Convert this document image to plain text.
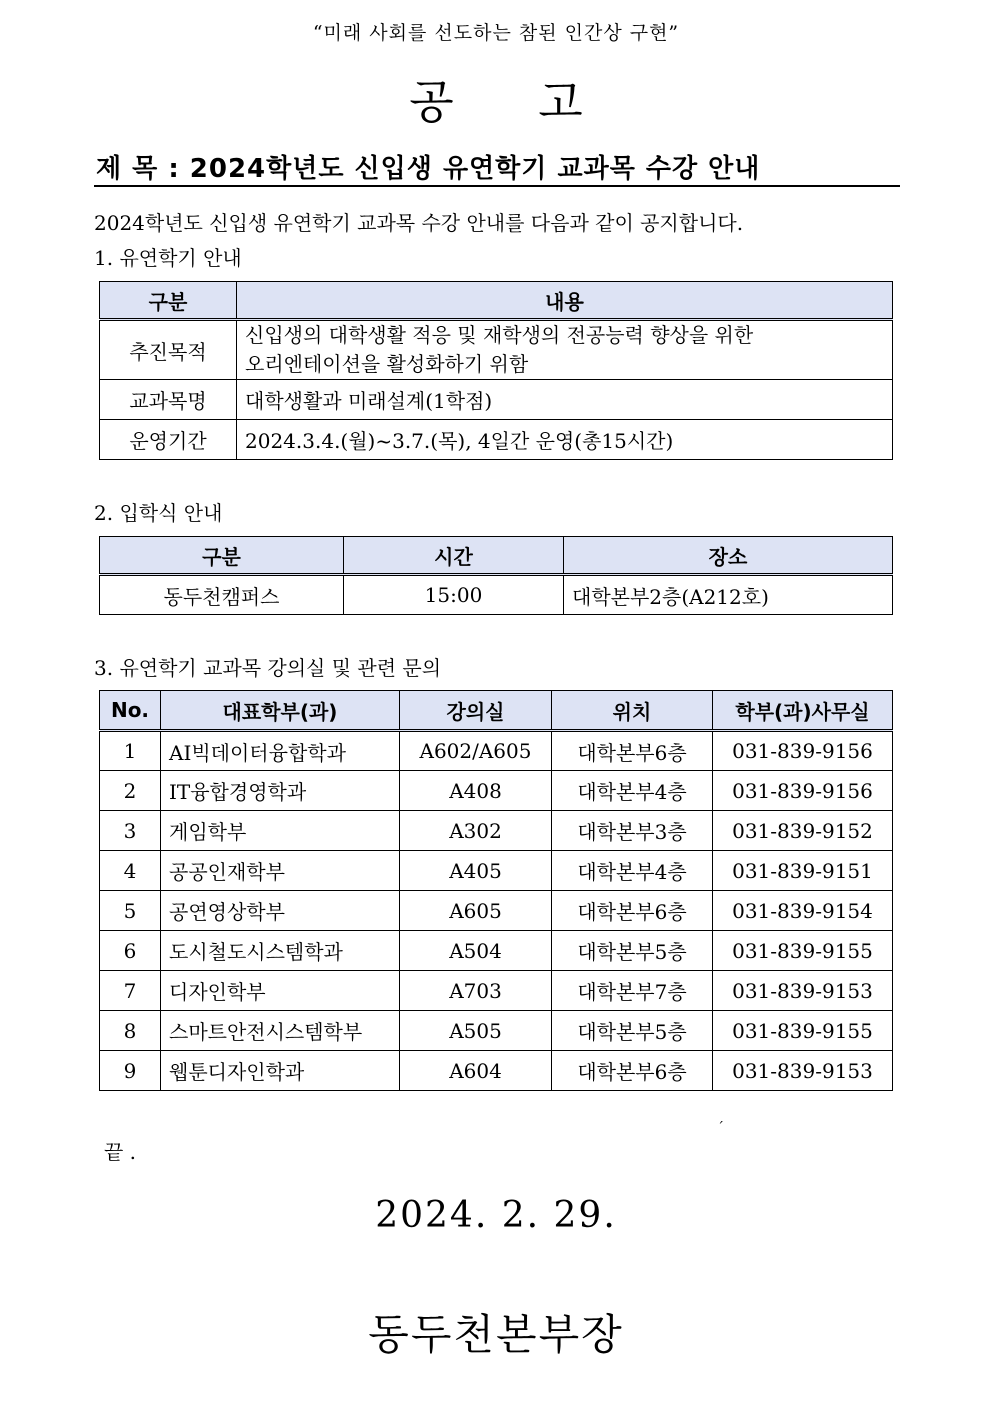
“미래 사회를 선도하는 참된 인간상 구현”
공 고
제 목 : 2024학년도 신입생 유연학기 교과목 수강 안내
2024학년도 신입생 유연학기 교과목 수강 안내를 다음과 같이 공지합니다.
1. 유연학기 안내
구분	내용
추진목적	신입생의 대학생활 적응 및 재학생의 전공능력 향상을 위한
오리엔테이션을 활성화하기 위함

교과목명	대학생활과 미래설계(1학점)
운영기간	2024.3.4.(월)~3.7.(목), 4일간 운영(총15시간)
2. 입학식 안내
구분	시간	장소
동두천캠퍼스	15:00	대학본부2층(A212호)
3. 유연학기 교과목 강의실 및 관련 문의
No.	대표학부(과)	강의실	위치	학부(과)사무실
1	AI빅데이터융합학과	A602/A605	대학본부6층	031-839-9156
2	IT융합경영학과	A408	대학본부4층	031-839-9156
3	게임학부	A302	대학본부3층	031-839-9152
4	공공인재학부	A405	대학본부4층	031-839-9151
5	공연영상학부	A605	대학본부6층	031-839-9154
6	도시철도시스템학과	A504	대학본부5층	031-839-9155
7	디자인학부	A703	대학본부7층	031-839-9153
8	스마트안전시스템학부	A505	대학본부5층	031-839-9155
9	웹툰디자인학과	A604	대학본부6층	031-839-9153
끝 .
ˊ
2024. 2. 29.
동두천본부장
